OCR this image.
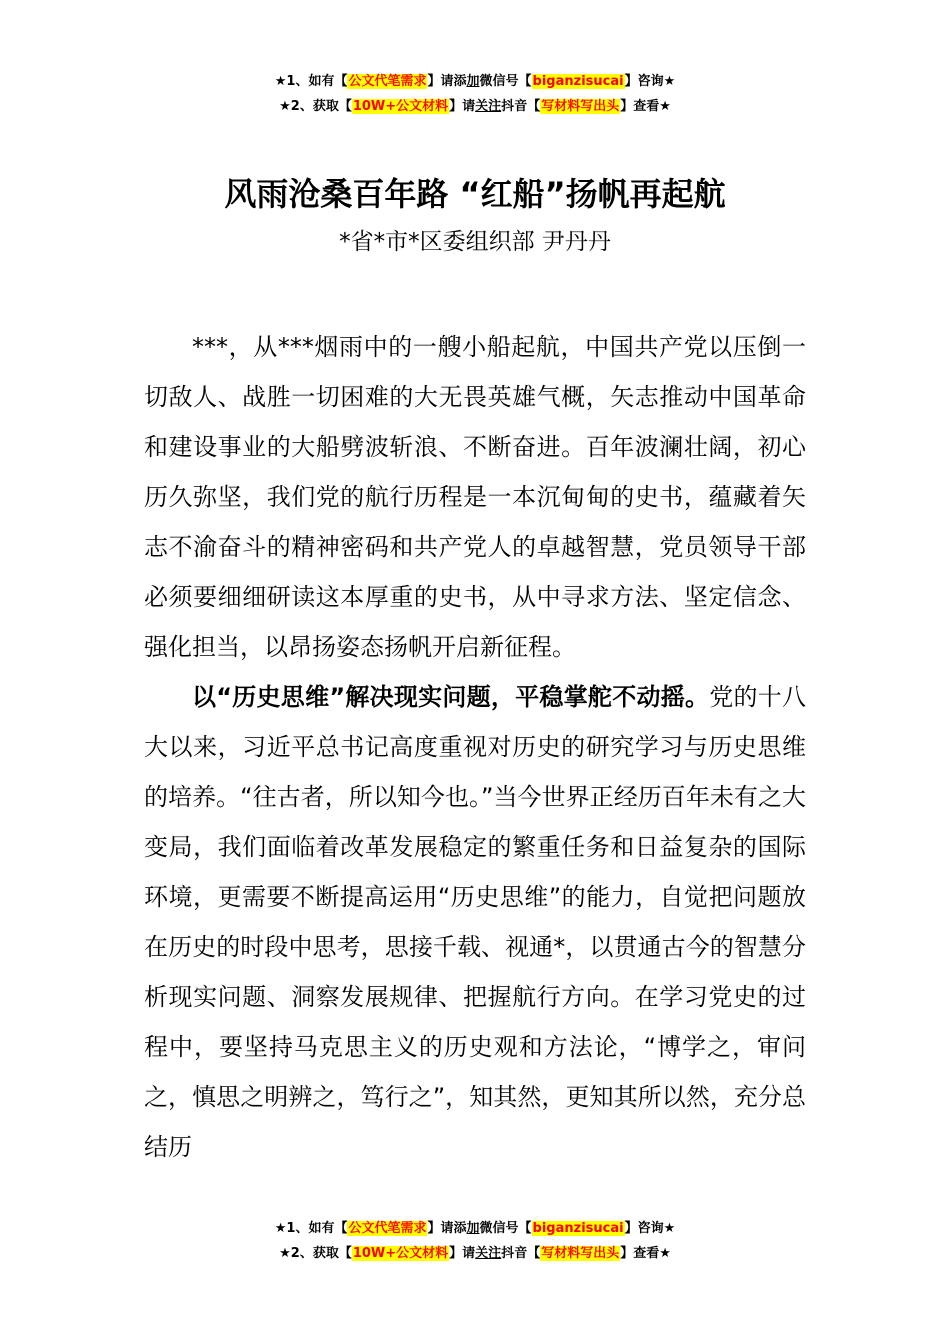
★1、如有【公文代笔需求】请添加微信号【biganzisucai】咨询★
★2、获取【10W+公文材料】请关注抖音【写材料写出头】查看★
风雨沧桑百年路 “红船”扬帆再起航
*省*市*区委组织部 尹丹丹

***，从***烟雨中的一艘小船起航，中国共产党以压倒一切敌人、战胜一切困难的大无畏英雄气概，矢志推动中国革命和建设事业的大船劈波斩浪、不断奋进。百年波澜壮阔，初心历久弥坚，我们党的航行历程是一本沉甸甸的史书，蕴藏着矢志不渝奋斗的精神密码和共产党人的卓越智慧，党员领导干部必须要细细研读这本厚重的史书，从中寻求方法、坚定信念、强化担当，以昂扬姿态扬帆开启新征程。

以“历史思维”解决现实问题，平稳掌舵不动摇。党的十八大以来，习近平总书记高度重视对历史的研究学习与历史思维的培养。“往古者，所以知今也。”当今世界正经历百年未有之大变局，我们面临着改革发展稳定的繁重任务和日益复杂的国际环境，更需要不断提高运用“历史思维”的能力，自觉把问题放在历史的时段中思考，思接千载、视通*，以贯通古今的智慧分析现实问题、洞察发展规律、把握航行方向。在学习党史的过程中，要坚持马克思主义的历史观和方法论，“博学之，审问之，慎思之明辨之，笃行之”，知其然，更知其所以然，充分总结历

★1、如有【公文代笔需求】请添加微信号【biganzisucai】咨询★
★2、获取【10W+公文材料】请关注抖音【写材料写出头】查看★
